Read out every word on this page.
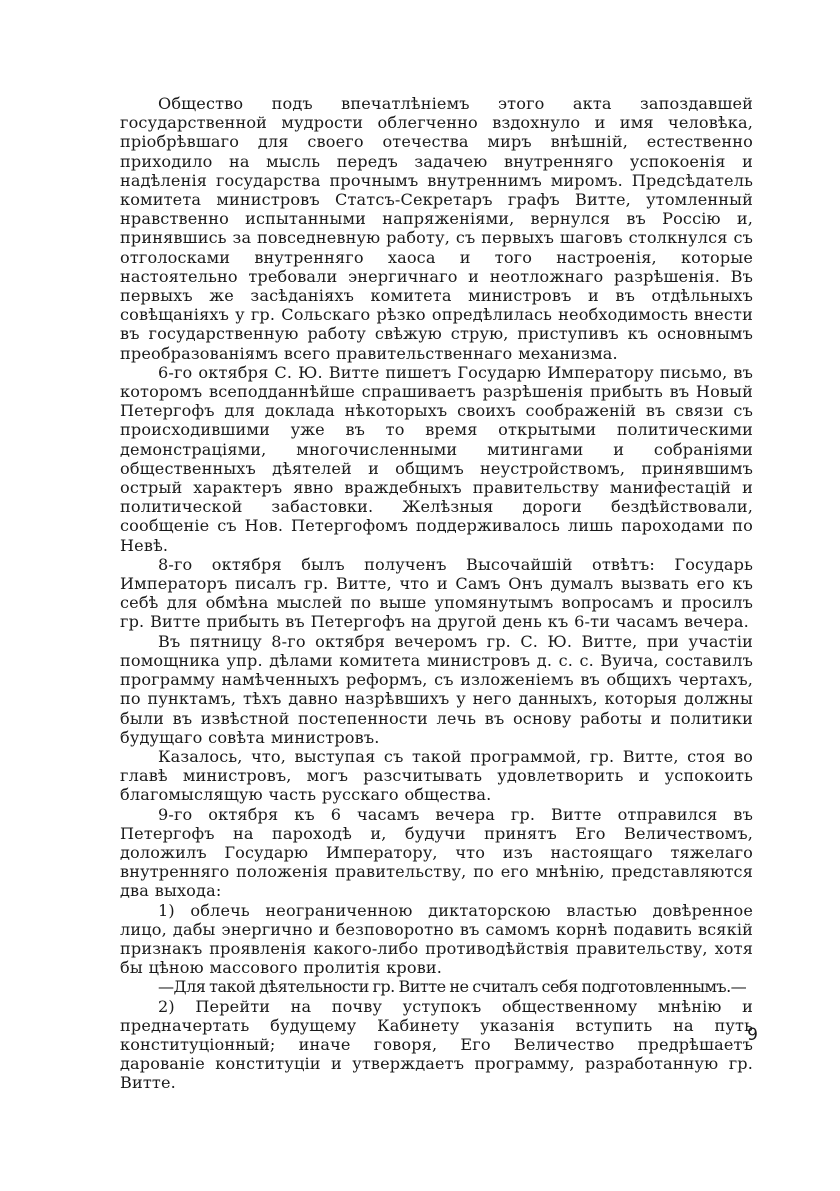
Общество подъ впечатлѣніемъ этого акта запоздавшей государственной мудрости облегченно вздохнуло и имя человѣка, пріобрѣвшаго для своего отечества миръ внѣшній, естественно приходило на мысль передъ задачею внутренняго успокоенія и надѣленія государства прочнымъ внутреннимъ миромъ. Предсѣдатель комитета министровъ Статсъ-Секретаръ графъ Витте, утомленный нравственно испытанными напряженіями, вернулся въ Россію и, принявшись за повседневную работу, съ первыхъ шаговъ столкнулся съ отголосками внутренняго хаоса и того настроенія, которые настоятельно требовали энергичнаго и неотложнаго разрѣшенія. Въ первыхъ же засѣданіяхъ комитета министровъ и въ отдѣльныхъ совѣщаніяхъ у гр. Сольскаго рѣзко опредѣлилась необходимость внести въ государственную работу свѣжую струю, приступивъ къ основнымъ преобразованіямъ всего правительственнаго механизма.

6-го октября С. Ю. Витте пишетъ Государю Императору письмо, въ которомъ всеподданнѣйше спрашиваетъ разрѣшенія прибыть въ Новый Петергофъ для доклада нѣкоторыхъ своихъ соображеній въ связи съ происходившими уже въ то время открытыми политическими демонстраціями, многочисленными митингами и собраніями общественныхъ дѣятелей и общимъ неустройствомъ, принявшимъ острый характеръ явно враждебныхъ правительству манифестацій и политической забастовки. Желѣзныя дороги бездѣйствовали, сообщеніе съ Нов. Петергофомъ поддерживалось лишь пароходами по Невѣ.

8-го октября былъ полученъ Высочайшій отвѣтъ: Государь Императоръ писалъ гр. Витте, что и Самъ Онъ думалъ вызвать его къ себѣ для обмѣна мыслей по выше упомянутымъ вопросамъ и просилъ гр. Витте прибыть въ Петергофъ на другой день къ 6-ти часамъ вечера.

Въ пятницу 8-го октября вечеромъ гр. С. Ю. Витте, при участіи помощника упр. дѣлами комитета министровъ д. с. с. Вуича, составилъ программу намѣченныхъ реформъ, съ изложеніемъ въ общихъ чертахъ, по пунктамъ, тѣхъ давно назрѣвшихъ у него данныхъ, которыя должны были въ извѣстной постепенности лечь въ основу работы и политики будущаго совѣта министровъ.

Казалось, что, выступая съ такой программой, гр. Витте, стоя во главѣ министровъ, могъ разсчитывать удовлетворить и успокоить благомыслящую часть русскаго общества.

9-го октября къ 6 часамъ вечера гр. Витте отправился въ Петергофъ на пароходѣ и, будучи принятъ Его Величествомъ, доложилъ Государю Императору, что изъ настоящаго тяжелаго внутренняго положенія правительству, по его мнѣнію, представляются два выхода:

1) облечь неограниченною диктаторскою властью довѣренное лицо, дабы энергично и безповоротно въ самомъ корнѣ подавить всякій признакъ проявленія какого-либо противодѣйствія правительству, хотя бы цѣною массового пролитія крови.

—Для такой дѣятельности гр. Витте не считалъ себя подготовленнымъ.—

2) Перейти на почву уступокъ общественному мнѣнію и предначертать будущему Кабинету указанія вступить на путь конституціонный; иначе говоря, Его Величество предрѣшаетъ дарованіе конституціи и утверждаетъ программу, разработанную гр. Витте.

9
